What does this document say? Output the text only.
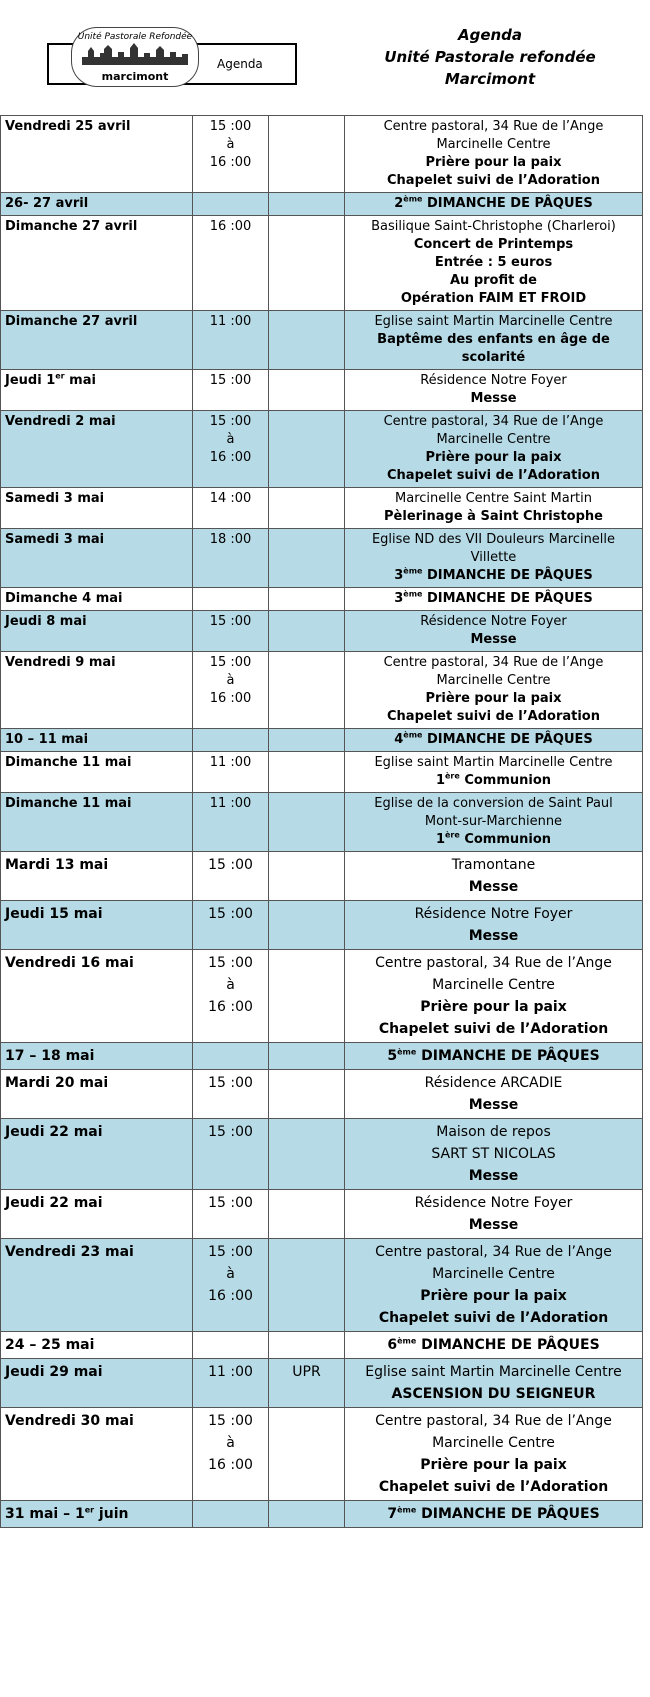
Unité Pastorale Refondée
marcimont
Agenda
Agenda
Unité Pastorale refondée
Marcimont
Vendredi 25 avril	15 :00
à
16 :00		Centre pastoral, 34 Rue de l’Ange
Marcinelle Centre
Prière pour la paix
Chapelet suivi de l’Adoration

26- 27 avril			2ème DIMANCHE DE PÂQUES

Dimanche 27 avril	16 :00		Basilique Saint-Christophe (Charleroi)
Concert de Printemps
Entrée : 5 euros
Au profit de
Opération FAIM ET FROID

Dimanche 27 avril	11 :00		Eglise saint Martin Marcinelle Centre
Baptême des enfants en âge de
scolarité

Jeudi 1er mai	15 :00		Résidence Notre Foyer
Messe

Vendredi 2 mai	15 :00
à
16 :00		Centre pastoral, 34 Rue de l’Ange
Marcinelle Centre
Prière pour la paix
Chapelet suivi de l’Adoration

Samedi 3 mai	14 :00		Marcinelle Centre Saint Martin
Pèlerinage à Saint Christophe

Samedi 3 mai	18 :00		Eglise ND des VII Douleurs Marcinelle
Villette
3ème DIMANCHE DE PÂQUES

Dimanche 4 mai			3ème DIMANCHE DE PÂQUES

Jeudi 8 mai	15 :00		Résidence Notre Foyer
Messe

Vendredi 9 mai	15 :00
à
16 :00		Centre pastoral, 34 Rue de l’Ange
Marcinelle Centre
Prière pour la paix
Chapelet suivi de l’Adoration

10 – 11 mai			4ème DIMANCHE DE PÂQUES

Dimanche 11 mai	11 :00		Eglise saint Martin Marcinelle Centre
1ère Communion

Dimanche 11 mai	11 :00		Eglise de la conversion de Saint Paul
Mont-sur-Marchienne
1ère Communion

Mardi 13 mai	15 :00		Tramontane
Messe

Jeudi 15 mai	15 :00		Résidence Notre Foyer
Messe

Vendredi 16 mai	15 :00
à
16 :00		Centre pastoral, 34 Rue de l’Ange
Marcinelle Centre
Prière pour la paix
Chapelet suivi de l’Adoration

17 – 18 mai			5ème DIMANCHE DE PÂQUES

Mardi 20 mai	15 :00		Résidence ARCADIE
Messe

Jeudi 22 mai	15 :00		Maison de repos
SART ST NICOLAS
Messe

Jeudi 22 mai	15 :00		Résidence Notre Foyer
Messe

Vendredi 23 mai	15 :00
à
16 :00		Centre pastoral, 34 Rue de l’Ange
Marcinelle Centre
Prière pour la paix
Chapelet suivi de l’Adoration

24 – 25 mai			6ème DIMANCHE DE PÂQUES

Jeudi 29 mai	11 :00	UPR	Eglise saint Martin Marcinelle Centre
ASCENSION DU SEIGNEUR

Vendredi 30 mai	15 :00
à
16 :00		Centre pastoral, 34 Rue de l’Ange
Marcinelle Centre
Prière pour la paix
Chapelet suivi de l’Adoration

31 mai – 1er juin			7ème DIMANCHE DE PÂQUES
